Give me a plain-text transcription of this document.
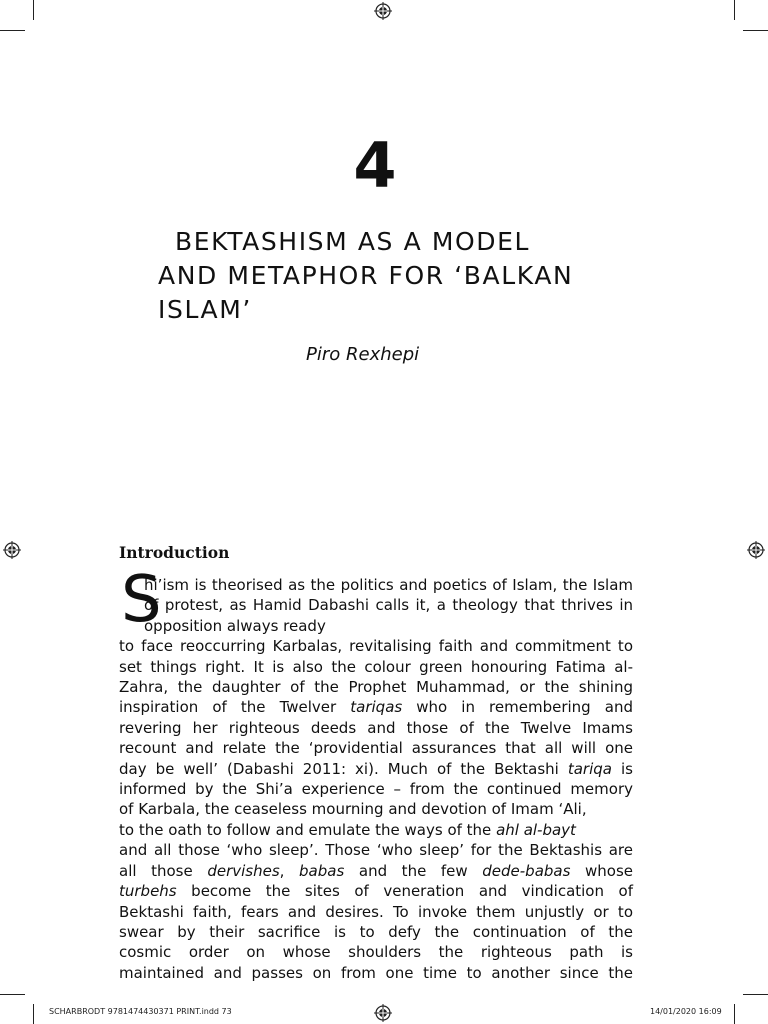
4
BEKTASHISM AS A MODEL
AND METAPHOR FOR ‘BALKAN
ISLAM’
Piro Rexhepi
Introduction
S
hi’ism is theorised as the politics and poetics of Islam, the Islam
of protest, as Hamid Dabashi calls it, a theology that thrives in
opposition always ready
to face reoccurring Karbalas, revitalising faith and commitment to
set things right. It is also the colour green honouring Fatima al-
Zahra, the daughter of the Prophet Muhammad, or the shining
inspiration of the Twelver tariqas who in remembering and
revering her righteous deeds and those of the Twelve Imams
recount and relate the ‘providential assurances that all will one
day be well’ (Dabashi 2011: xi). Much of the Bektashi tariqa is
informed by the Shi’a experience – from the continued memory
of Karbala, the ceaseless mourning and devotion of Imam ‘Ali,
to the oath to follow and emulate the ways of the ahl al-bayt
and all those ‘who sleep’. Those ‘who sleep’ for the Bektashis are
all those dervishes, babas and the few dede-babas whose
turbehs become the sites of veneration and vindication of
Bektashi faith, fears and desires. To invoke them unjustly or to
swear by their sacrifice is to defy the continuation of the
cosmic order on whose shoulders the righteous path is
maintained and passes on from one time to another since the
SCHARBRODT 9781474430371 PRINT.indd 73	14/01/2020 16:09
